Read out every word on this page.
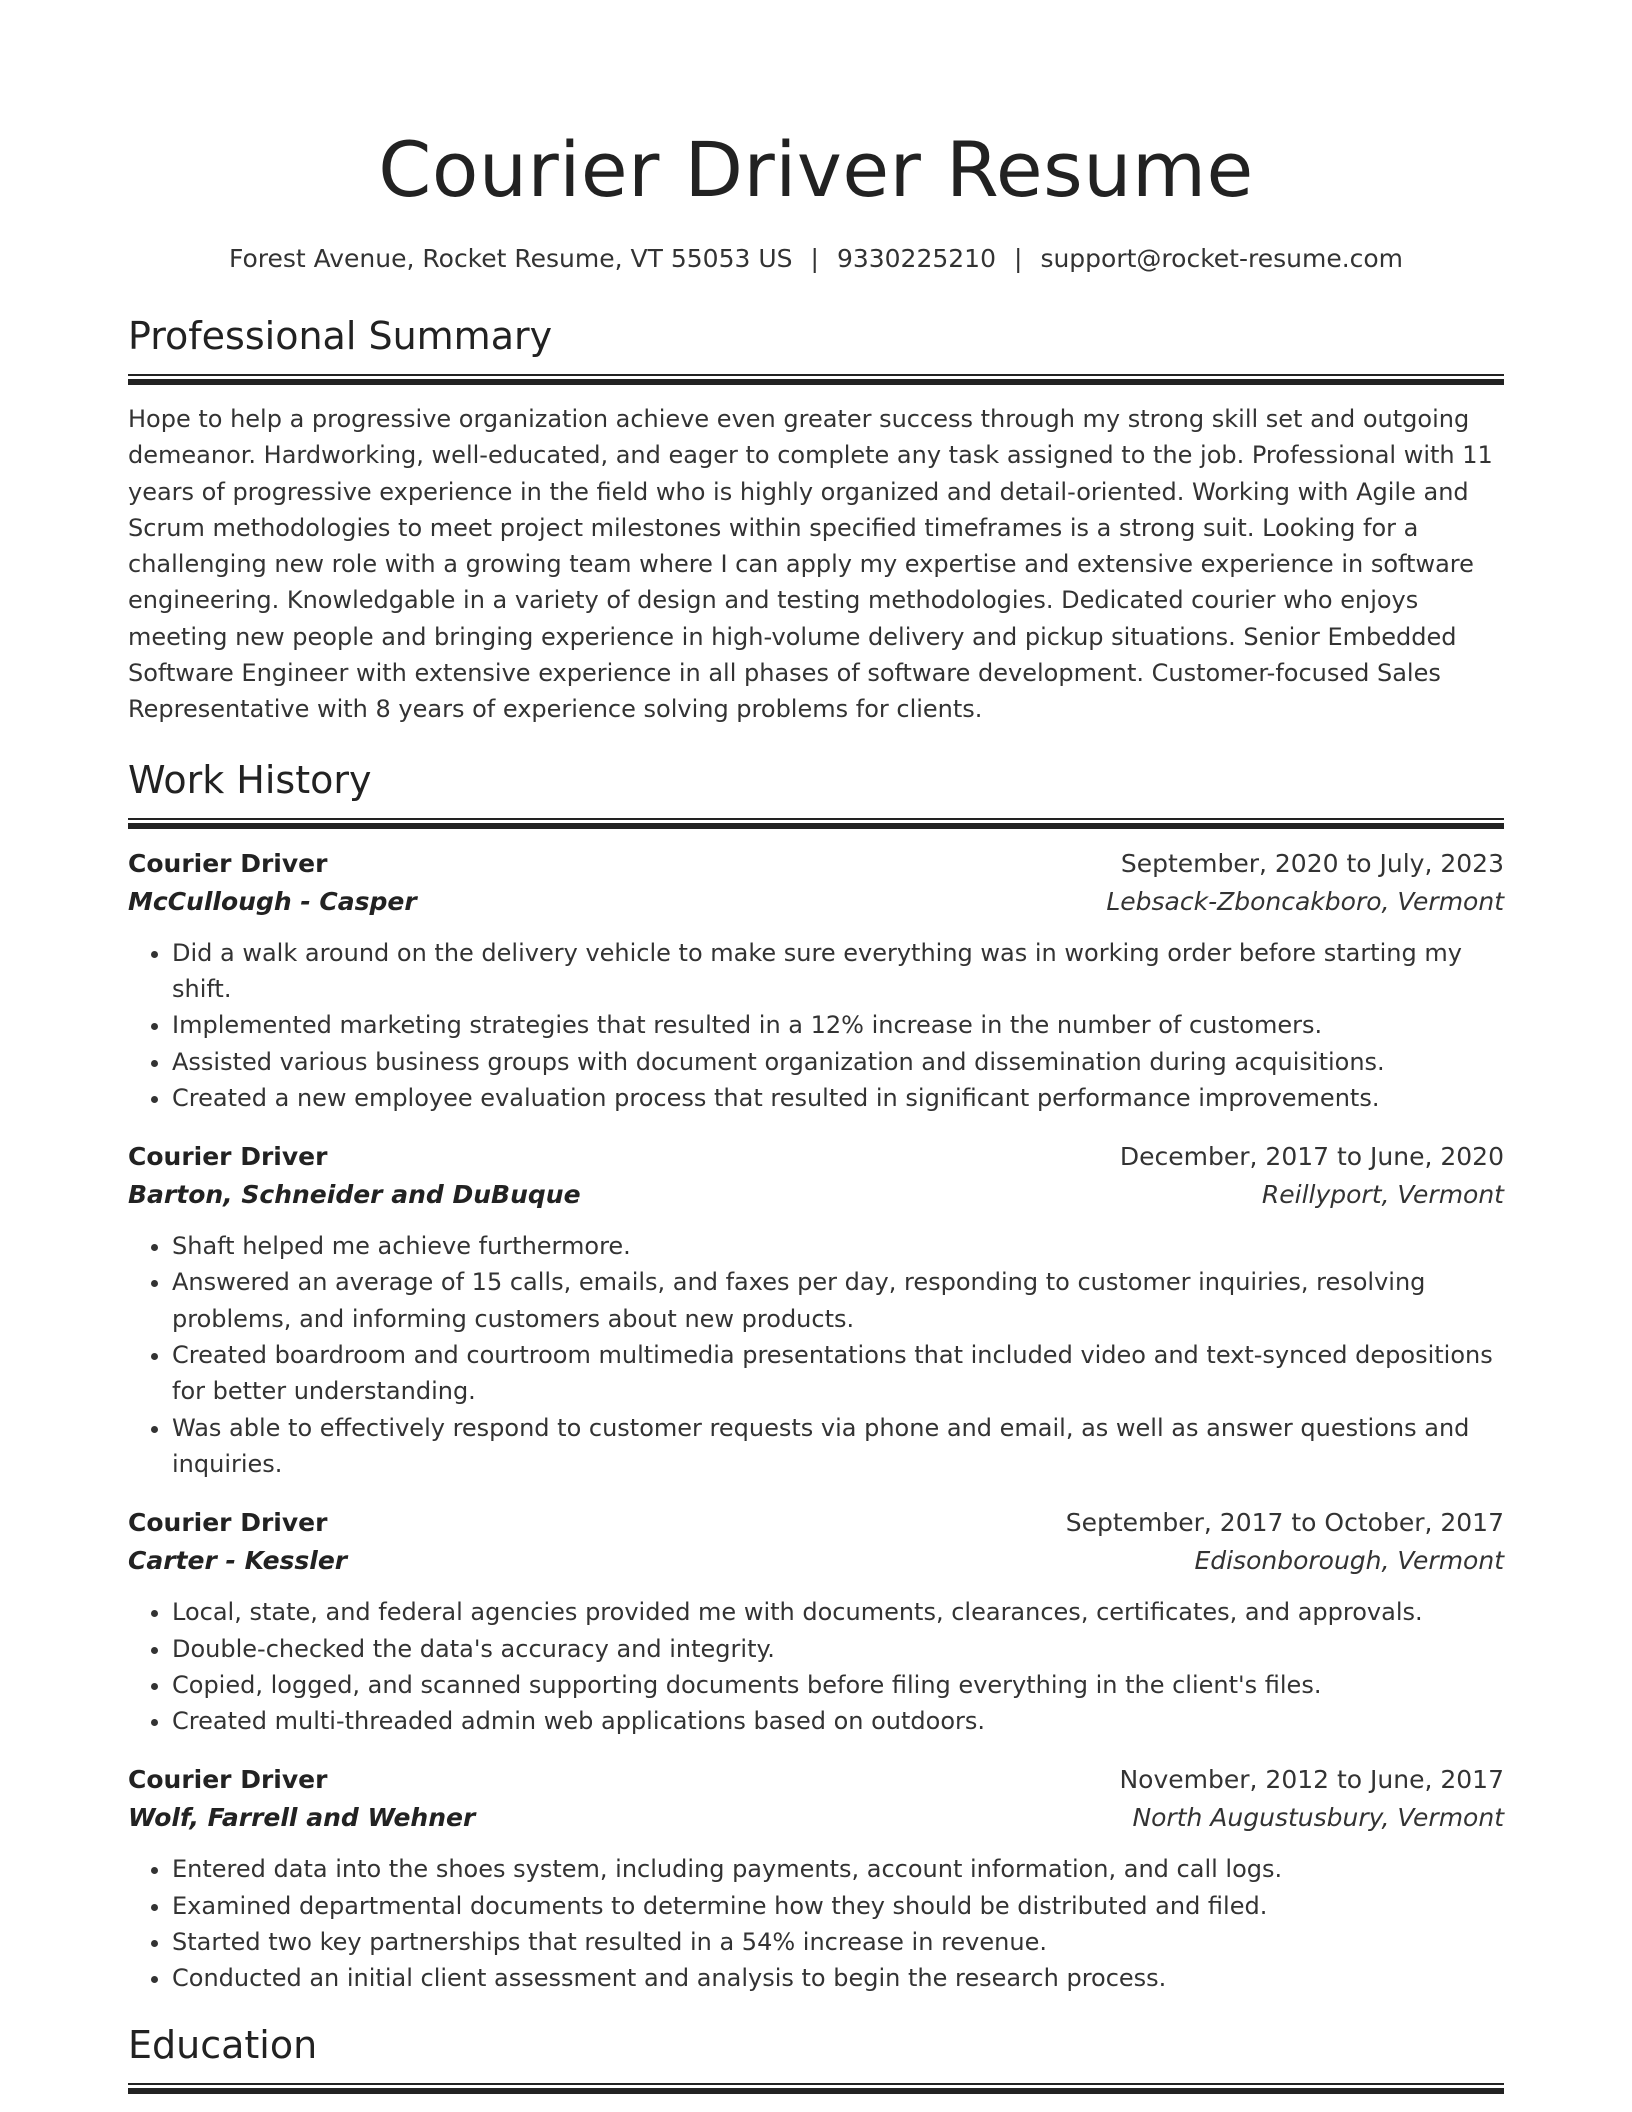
Courier Driver Resume
Forest Avenue, Rocket Resume, VT 55053 US | 9330225210 | support@rocket-resume.com
Professional Summary

Hope to help a progressive organization achieve even greater success through my strong skill set and outgoing demeanor. Hardworking, well-educated, and eager to complete any task assigned to the job. Professional with 11 years of progressive experience in the field who is highly organized and detail-oriented. Working with Agile and Scrum methodologies to meet project milestones within specified timeframes is a strong suit. Looking for a challenging new role with a growing team where I can apply my expertise and extensive experience in software engineering. Knowledgable in a variety of design and testing methodologies. Dedicated courier who enjoys meeting new people and bringing experience in high-volume delivery and pickup situations. Senior Embedded Software Engineer with extensive experience in all phases of software development. Customer-focused Sales Representative with 8 years of experience solving problems for clients.

Work History
Courier Driver	September, 2020 to July, 2023
McCullough - Casper	Lebsack-Zboncakboro, Vermont
• Did a walk around on the delivery vehicle to make sure everything was in working order before starting my shift.
• Implemented marketing strategies that resulted in a 12% increase in the number of customers.
• Assisted various business groups with document organization and dissemination during acquisitions.
• Created a new employee evaluation process that resulted in significant performance improvements.
Courier Driver	December, 2017 to June, 2020
Barton, Schneider and DuBuque	Reillyport, Vermont
• Shaft helped me achieve furthermore.
• Answered an average of 15 calls, emails, and faxes per day, responding to customer inquiries, resolving problems, and informing customers about new products.
• Created boardroom and courtroom multimedia presentations that included video and text-synced depositions for better understanding.
• Was able to effectively respond to customer requests via phone and email, as well as answer questions and inquiries.
Courier Driver	September, 2017 to October, 2017
Carter - Kessler	Edisonborough, Vermont
• Local, state, and federal agencies provided me with documents, clearances, certificates, and approvals.
• Double-checked the data's accuracy and integrity.
• Copied, logged, and scanned supporting documents before filing everything in the client's files.
• Created multi-threaded admin web applications based on outdoors.
Courier Driver	November, 2012 to June, 2017
Wolf, Farrell and Wehner	North Augustusbury, Vermont
• Entered data into the shoes system, including payments, account information, and call logs.
• Examined departmental documents to determine how they should be distributed and filed.
• Started two key partnerships that resulted in a 54% increase in revenue.
• Conducted an initial client assessment and analysis to begin the research process.
Education
